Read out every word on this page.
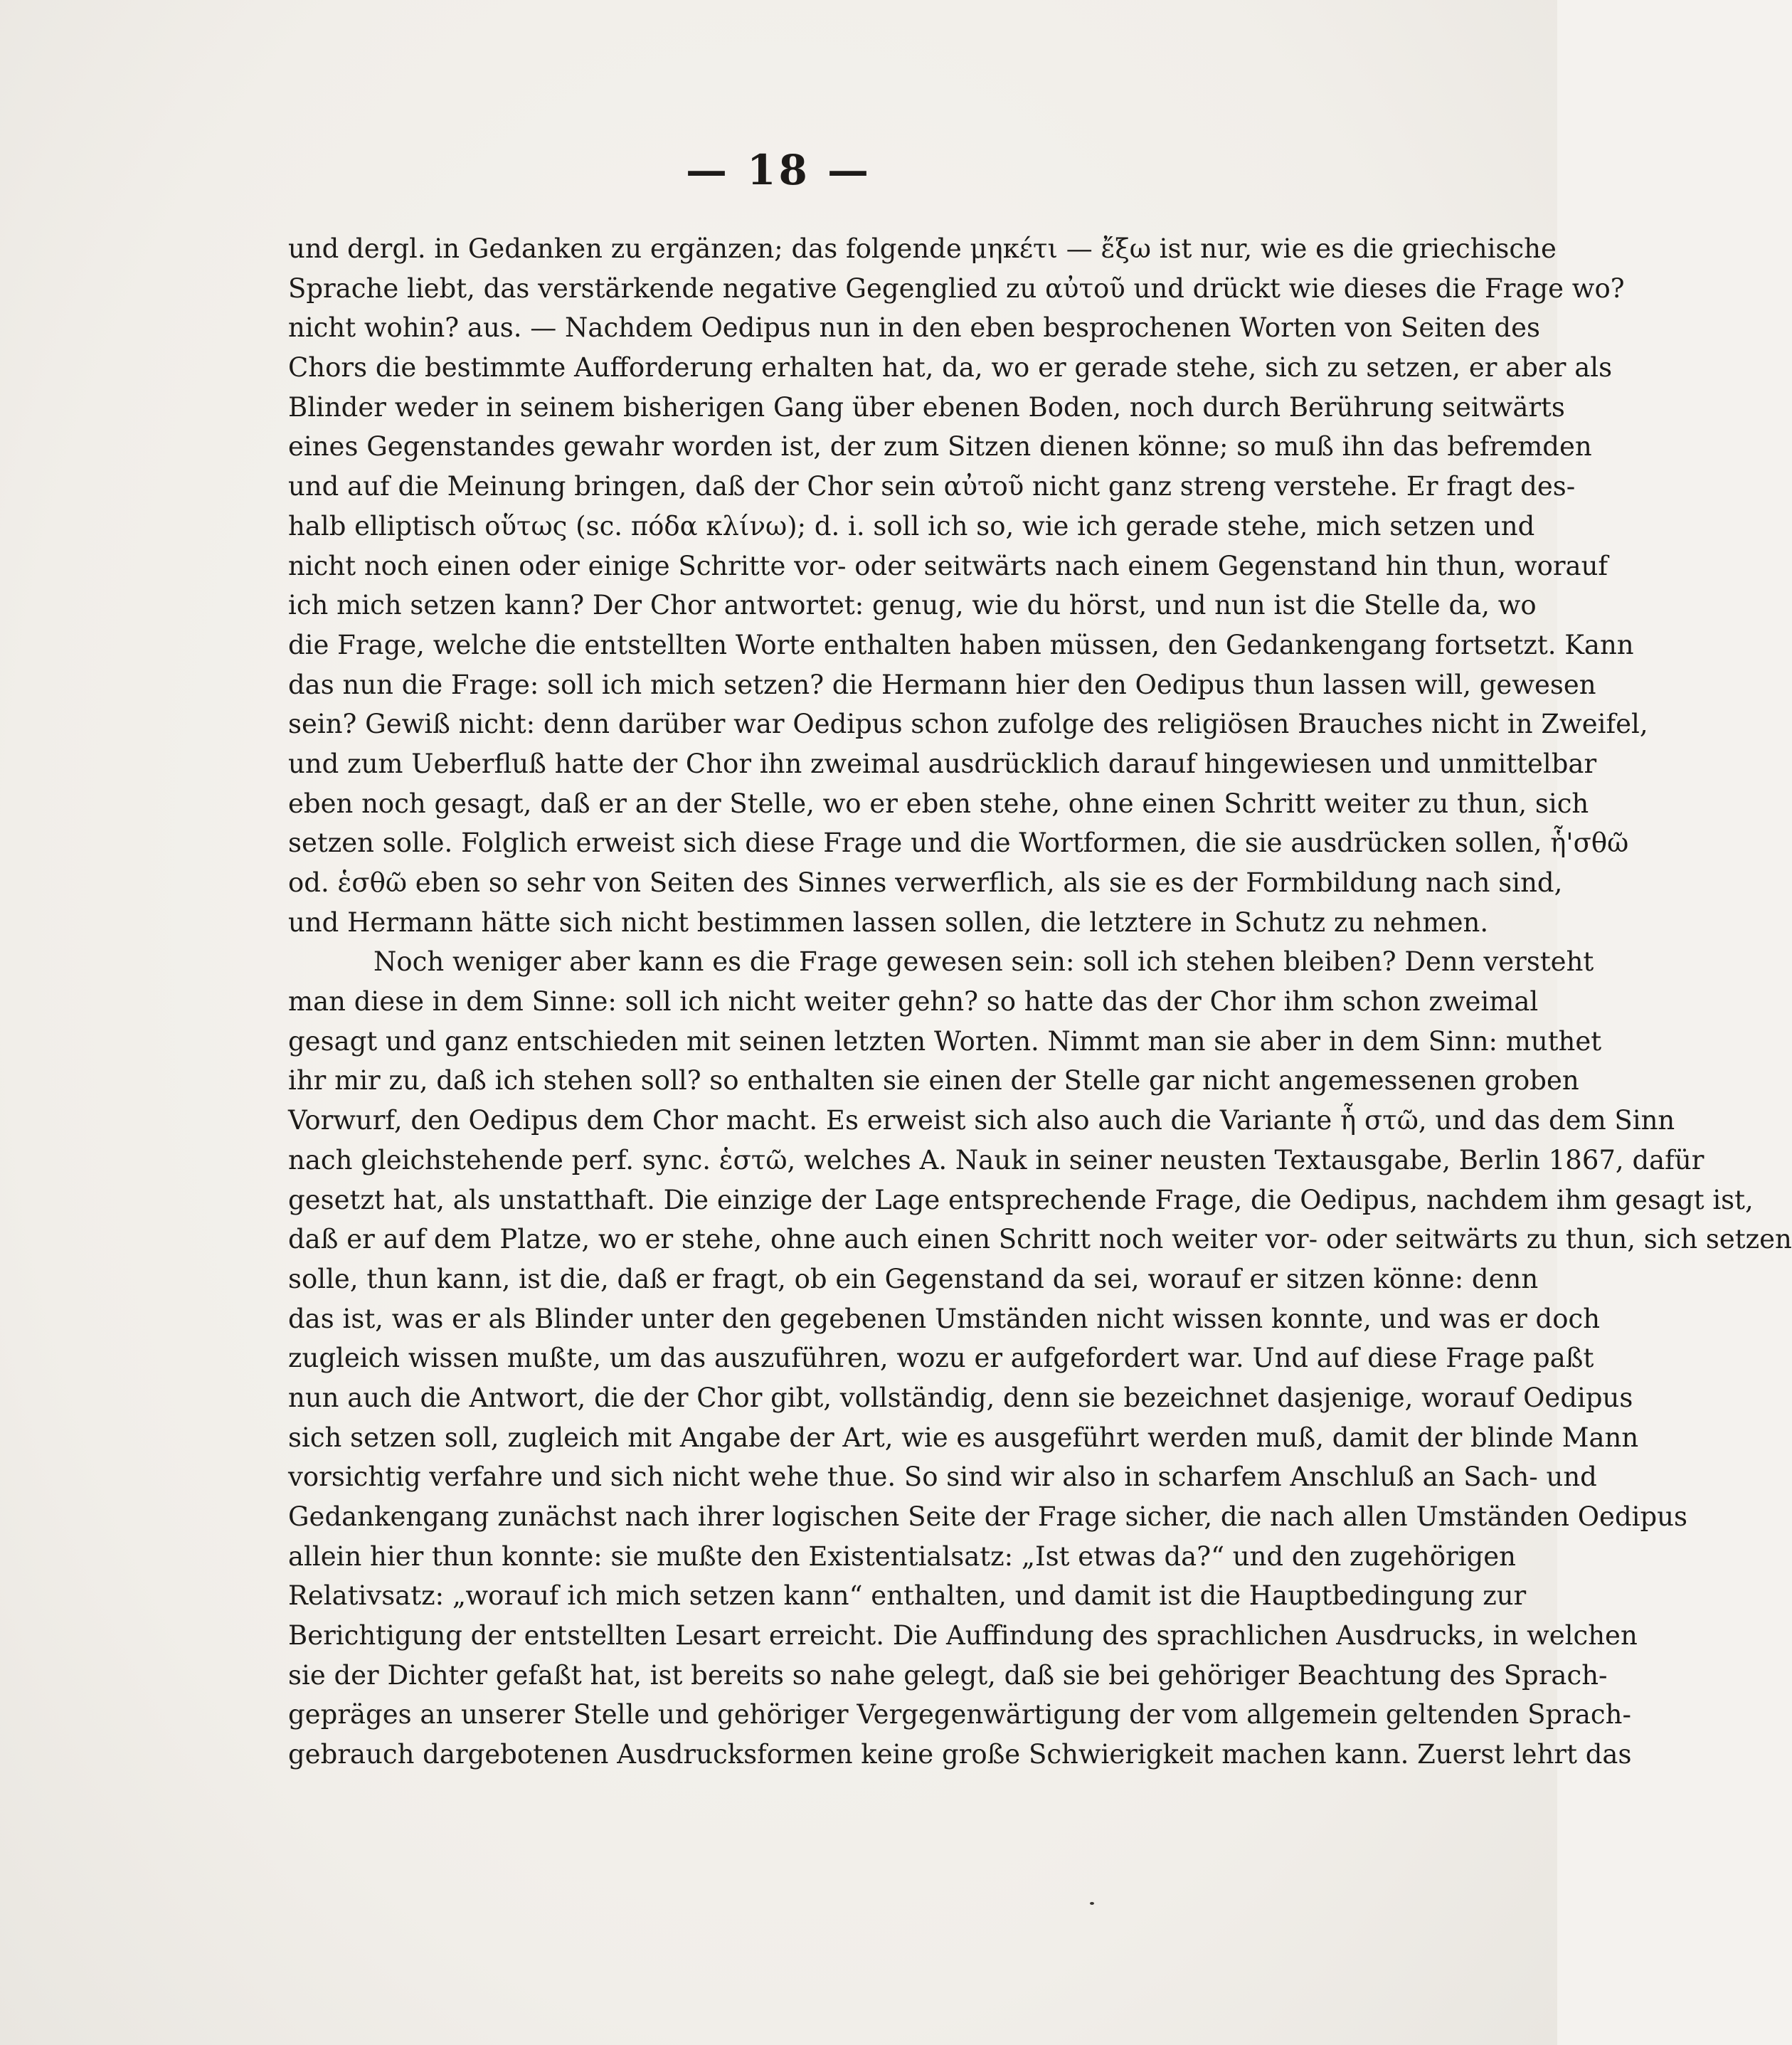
— 18 —
und dergl. in Gedanken zu ergänzen; das folgende μηκέτι — ἔξω ist nur, wie es die griechische
Sprache liebt, das verstärkende negative Gegenglied zu αὐτοῦ und drückt wie dieses die Frage wo?
nicht wohin? aus. — Nachdem Oedipus nun in den eben besprochenen Worten von Seiten des
Chors die bestimmte Aufforderung erhalten hat, da, wo er gerade stehe, sich zu setzen, er aber als
Blinder weder in seinem bisherigen Gang über ebenen Boden, noch durch Berührung seitwärts
eines Gegenstandes gewahr worden ist, der zum Sitzen dienen könne; so muß ihn das befremden
und auf die Meinung bringen, daß der Chor sein αὐτοῦ nicht ganz streng verstehe. Er fragt des-
halb elliptisch οὕτως (sc. πόδα κλίνω); d. i. soll ich so, wie ich gerade stehe, mich setzen und
nicht noch einen oder einige Schritte vor- oder seitwärts nach einem Gegenstand hin thun, worauf
ich mich setzen kann? Der Chor antwortet: genug, wie du hörst, und nun ist die Stelle da, wo
die Frage, welche die entstellten Worte enthalten haben müssen, den Gedankengang fortsetzt. Kann
das nun die Frage: soll ich mich setzen? die Hermann hier den Oedipus thun lassen will, gewesen
sein? Gewiß nicht: denn darüber war Oedipus schon zufolge des religiösen Brauches nicht in Zweifel,
und zum Ueberfluß hatte der Chor ihn zweimal ausdrücklich darauf hingewiesen und unmittelbar
eben noch gesagt, daß er an der Stelle, wo er eben stehe, ohne einen Schritt weiter zu thun, sich
setzen solle. Folglich erweist sich diese Frage und die Wortformen, die sie ausdrücken sollen, ἧ'σθῶ
od. ἑσθῶ eben so sehr von Seiten des Sinnes verwerflich, als sie es der Formbildung nach sind,
und Hermann hätte sich nicht bestimmen lassen sollen, die letztere in Schutz zu nehmen.
Noch weniger aber kann es die Frage gewesen sein: soll ich stehen bleiben? Denn versteht
man diese in dem Sinne: soll ich nicht weiter gehn? so hatte das der Chor ihm schon zweimal
gesagt und ganz entschieden mit seinen letzten Worten. Nimmt man sie aber in dem Sinn: muthet
ihr mir zu, daß ich stehen soll? so enthalten sie einen der Stelle gar nicht angemessenen groben
Vorwurf, den Oedipus dem Chor macht. Es erweist sich also auch die Variante ἧ στῶ, und das dem Sinn
nach gleichstehende perf. sync. ἑστῶ, welches A. Nauk in seiner neusten Textausgabe, Berlin 1867, dafür
gesetzt hat, als unstatthaft. Die einzige der Lage entsprechende Frage, die Oedipus, nachdem ihm gesagt ist,
daß er auf dem Platze, wo er stehe, ohne auch einen Schritt noch weiter vor- oder seitwärts zu thun, sich setzen
solle, thun kann, ist die, daß er fragt, ob ein Gegenstand da sei, worauf er sitzen könne: denn
das ist, was er als Blinder unter den gegebenen Umständen nicht wissen konnte, und was er doch
zugleich wissen mußte, um das auszuführen, wozu er aufgefordert war. Und auf diese Frage paßt
nun auch die Antwort, die der Chor gibt, vollständig, denn sie bezeichnet dasjenige, worauf Oedipus
sich setzen soll, zugleich mit Angabe der Art, wie es ausgeführt werden muß, damit der blinde Mann
vorsichtig verfahre und sich nicht wehe thue. So sind wir also in scharfem Anschluß an Sach- und
Gedankengang zunächst nach ihrer logischen Seite der Frage sicher, die nach allen Umständen Oedipus
allein hier thun konnte: sie mußte den Existentialsatz: „Ist etwas da?“ und den zugehörigen
Relativsatz: „worauf ich mich setzen kann“ enthalten, und damit ist die Hauptbedingung zur
Berichtigung der entstellten Lesart erreicht. Die Auffindung des sprachlichen Ausdrucks, in welchen
sie der Dichter gefaßt hat, ist bereits so nahe gelegt, daß sie bei gehöriger Beachtung des Sprach-
gepräges an unserer Stelle und gehöriger Vergegenwärtigung der vom allgemein geltenden Sprach-
gebrauch dargebotenen Ausdrucksformen keine große Schwierigkeit machen kann. Zuerst lehrt das
